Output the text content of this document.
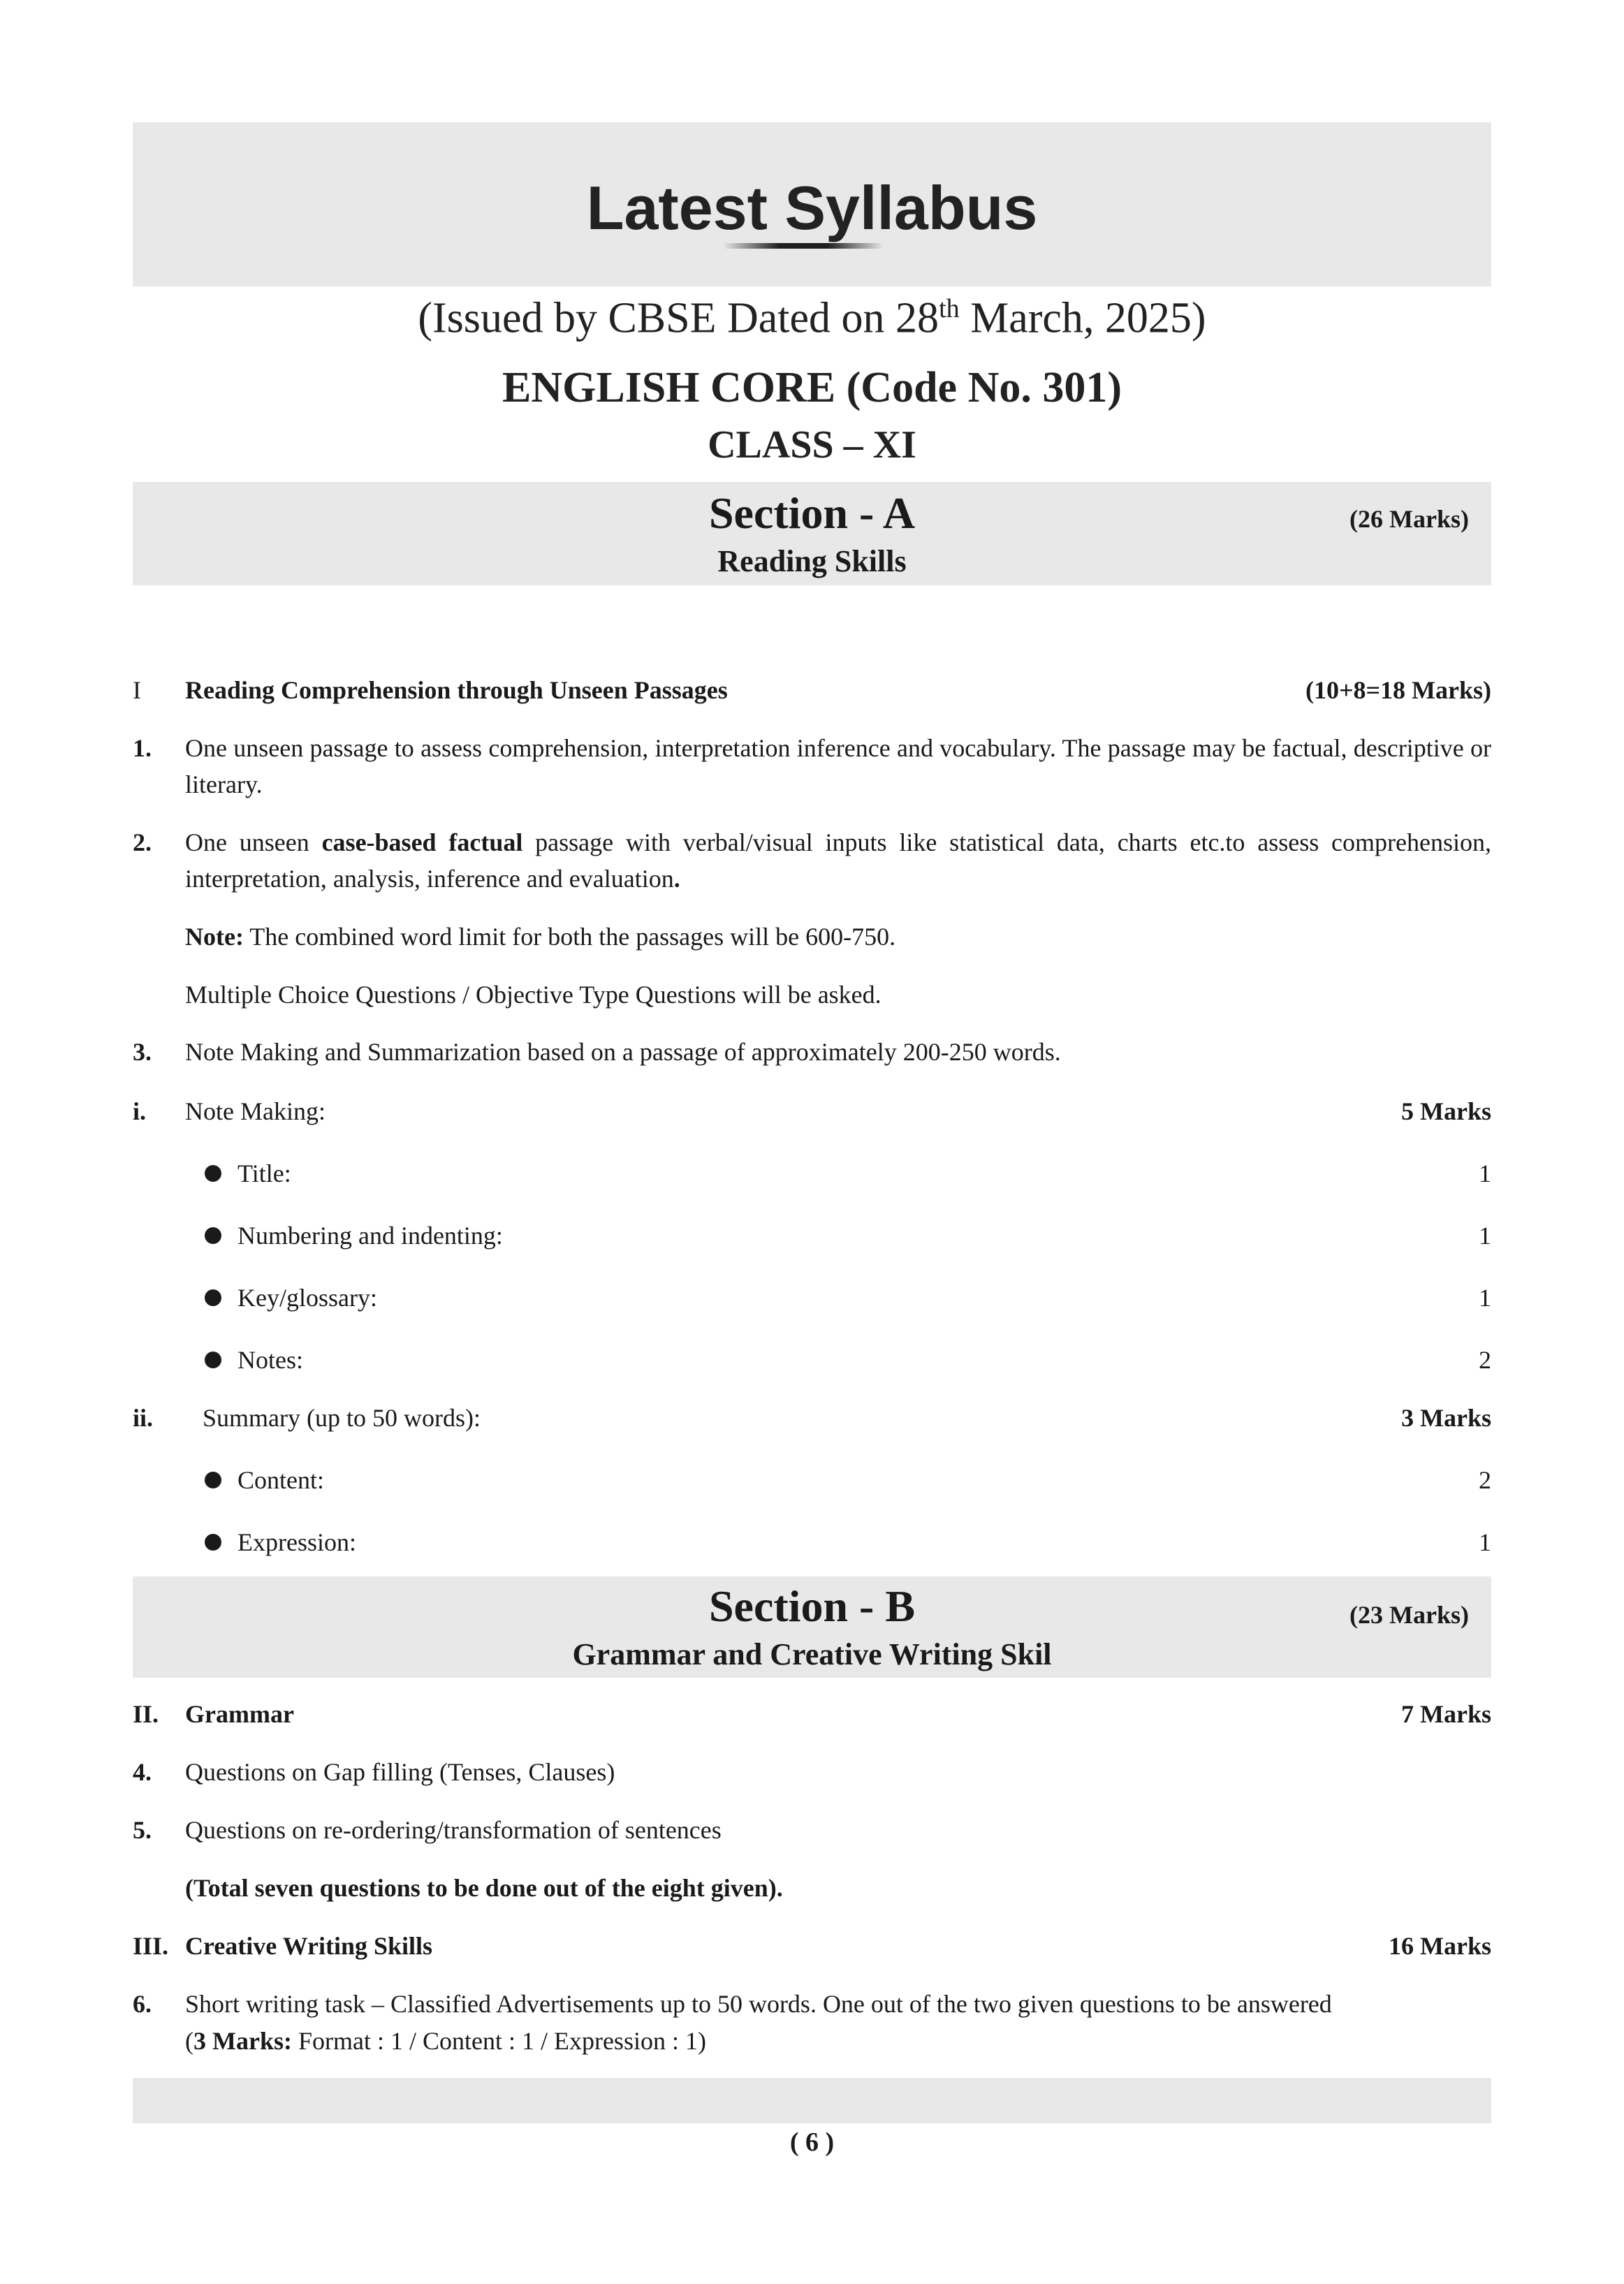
Latest Syllabus
(Issued by CBSE Dated on 28th March, 2025)
ENGLISH CORE (Code No. 301)
CLASS – XI
Section - A	(26 Marks)
Reading Skills
I Reading Comprehension through Unseen Passages	(10+8=18 Marks)
1. One unseen passage to assess comprehension, interpretation inference and vocabulary. The passage may be factual, descriptive or literary.
2. One unseen case-based factual passage with verbal/visual inputs like statistical data, charts etc.to assess comprehension, interpretation, analysis, inference and evaluation.
Note: The combined word limit for both the passages will be 600-750.
Multiple Choice Questions / Objective Type Questions will be asked.
3. Note Making and Summarization based on a passage of approximately 200-250 words.
i. Note Making:	5 Marks
Title:	1
Numbering and indenting:	1
Key/glossary:	1
Notes:	2
ii. Summary (up to 50 words):	3 Marks
Content:	2
Expression:	1
Section - B	(23 Marks)
Grammar and Creative Writing Skil
II. Grammar	7 Marks
4. Questions on Gap filling (Tenses, Clauses)
5. Questions on re-ordering/transformation of sentences
(Total seven questions to be done out of the eight given).
III. Creative Writing Skills	16 Marks
6. Short writing task – Classified Advertisements up to 50 words. One out of the two given questions to be answered
(3 Marks: Format : 1 / Content : 1 / Expression : 1)
( 6 )
